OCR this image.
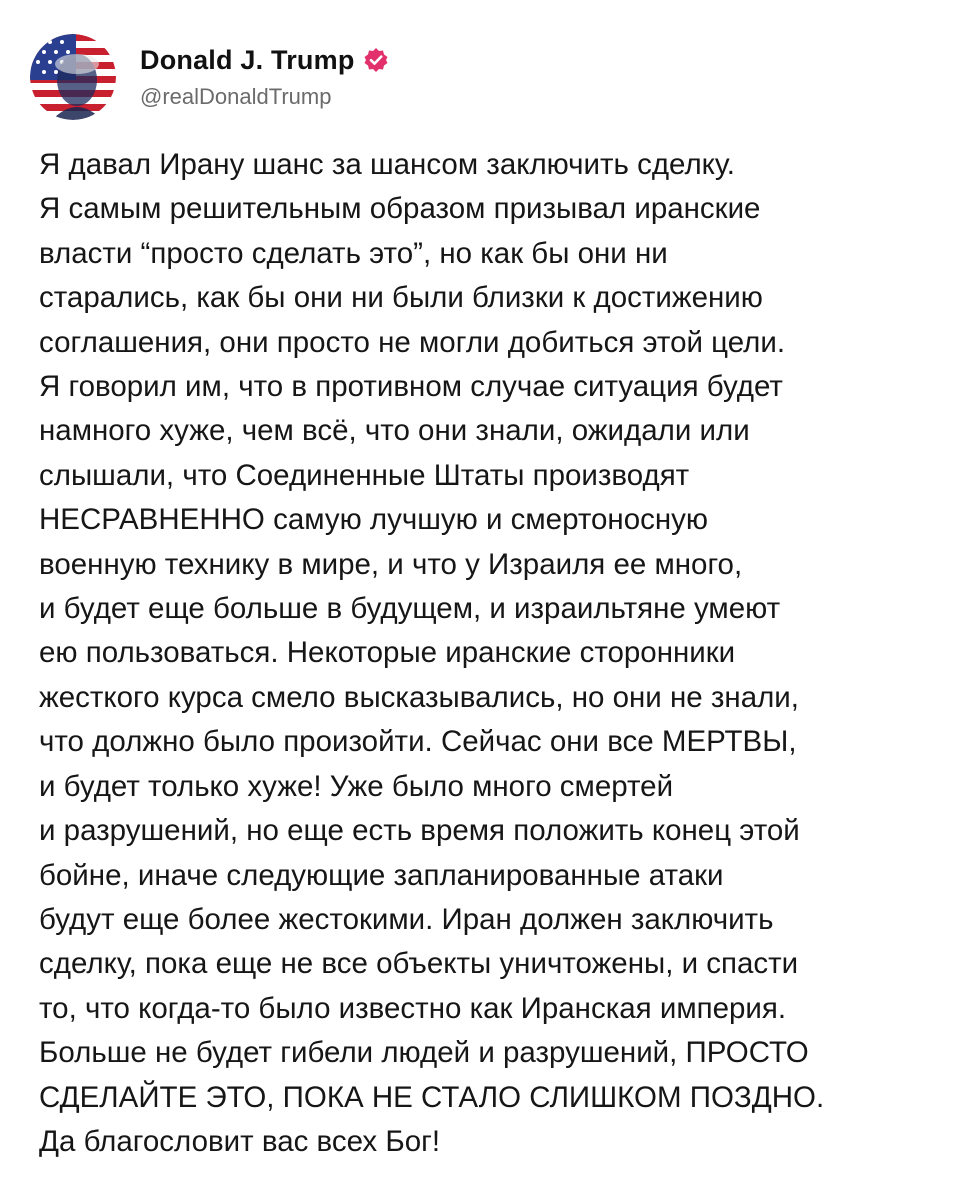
Donald J. Trump
@realDonaldTrump
Я давал Ирану шанс за шансом заключить сделку.
Я самым решительным образом призывал иранские
власти “просто сделать это”, но как бы они ни
старались, как бы они ни были близки к достижению
соглашения, они просто не могли добиться этой цели.
Я говорил им, что в противном случае ситуация будет
намного хуже, чем всё, что они знали, ожидали или
слышали, что Соединенные Штаты производят
НЕСРАВНЕННО самую лучшую и смертоносную
военную технику в мире, и что у Израиля ее много,
и будет еще больше в будущем, и израильтяне умеют
ею пользоваться. Некоторые иранские сторонники
жесткого курса смело высказывались, но они не знали,
что должно было произойти. Сейчас они все МЕРТВЫ,
и будет только хуже! Уже было много смертей
и разрушений, но еще есть время положить конец этой
бойне, иначе следующие запланированные атаки
будут еще более жестокими. Иран должен заключить
сделку, пока еще не все объекты уничтожены, и спасти
то, что когда-то было известно как Иранская империя.
Больше не будет гибели людей и разрушений, ПРОСТО
СДЕЛАЙТЕ ЭТО, ПОКА НЕ СТАЛО СЛИШКОМ ПОЗДНО.
Да благословит вас всех Бог!
